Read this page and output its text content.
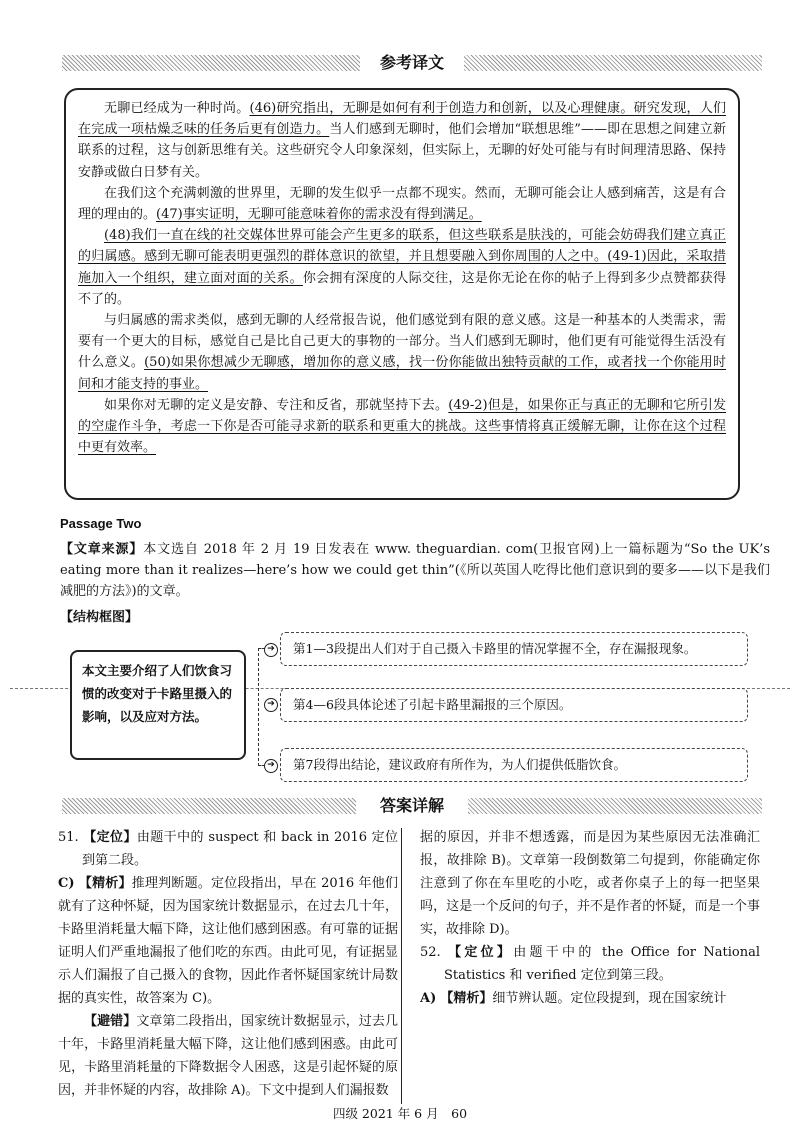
参考译文

无聊已经成为一种时尚。(46)研究指出，无聊是如何有利于创造力和创新，以及心理健康。研究发现，人们在完成一项枯燥乏味的任务后更有创造力。当人们感到无聊时，他们会增加“联想思维”——即在思想之间建立新联系的过程，这与创新思维有关。这些研究令人印象深刻，但实际上，无聊的好处可能与有时间理清思路、保持安静或做白日梦有关。

在我们这个充满刺激的世界里，无聊的发生似乎一点都不现实。然而，无聊可能会让人感到痛苦，这是有合理的理由的。(47)事实证明，无聊可能意味着你的需求没有得到满足。

(48)我们一直在线的社交媒体世界可能会产生更多的联系，但这些联系是肤浅的，可能会妨碍我们建立真正的归属感。感到无聊可能表明更强烈的群体意识的欲望，并且想要融入到你周围的人之中。(49-1)因此，采取措施加入一个组织，建立面对面的关系。你会拥有深度的人际交往，这是你无论在你的帖子上得到多少点赞都获得不了的。

与归属感的需求类似，感到无聊的人经常报告说，他们感觉到有限的意义感。这是一种基本的人类需求，需要有一个更大的目标，感觉自己是比自己更大的事物的一部分。当人们感到无聊时，他们更有可能觉得生活没有什么意义。(50)如果你想减少无聊感，增加你的意义感，找一份你能做出独特贡献的工作，或者找一个你能用时间和才能支持的事业。

如果你对无聊的定义是安静、专注和反省，那就坚持下去。(49-2)但是，如果你正与真正的无聊和它所引发的空虚作斗争，考虑一下你是否可能寻求新的联系和更重大的挑战。这些事情将真正缓解无聊，让你在这个过程中更有效率。

Passage Two
【文章来源】本文选自 2018 年 2 月 19 日发表在 www. theguardian. com(卫报官网)上一篇标题为“So the UK’s eating more than it realizes—here’s how we could get thin”(《所以英国人吃得比他们意识到的要多——以下是我们减肥的方法》)的文章。
【结构框图】
本文主要介绍了人们饮食习惯的改变对于卡路里摄入的影响，以及应对方法。
➔	第1—3段提出人们对于自己摄入卡路里的情况掌握不全，存在漏报现象。
➔	第4—6段具体论述了引起卡路里漏报的三个原因。
➔	第7段得出结论，建议政府有所作为，为人们提供低脂饮食。
答案详解
51. 【定位】由题干中的 suspect 和 back in 2016 定位到第二段。
C) 【精析】推理判断题。定位段指出，早在 2016 年他们就有了这种怀疑，因为国家统计数据显示，在过去几十年，卡路里消耗量大幅下降，这让他们感到困惑。有可靠的证据证明人们严重地漏报了他们吃的东西。由此可见，有证据显示人们漏报了自己摄入的食物，因此作者怀疑国家统计局数据的真实性，故答案为 C)。
【避错】文章第二段指出，国家统计数据显示，过去几十年，卡路里消耗量大幅下降，这让他们感到困惑。由此可见，卡路里消耗量的下降数据令人困惑，这是引起怀疑的原因，并非怀疑的内容，故排除 A)。下文中提到人们漏报数
据的原因，并非不想透露，而是因为某些原因无法准确汇报，故排除 B)。文章第一段倒数第二句提到，你能确定你注意到了你在车里吃的小吃，或者你桌子上的每一把坚果吗，这是一个反问的句子，并不是作者的怀疑，而是一个事实，故排除 D)。
52. 【定位】由题干中的 the Office for National Statistics 和 verified 定位到第三段。
A) 【精析】细节辨认题。定位段提到，现在国家统计
四级 2021 年 6 月　60
